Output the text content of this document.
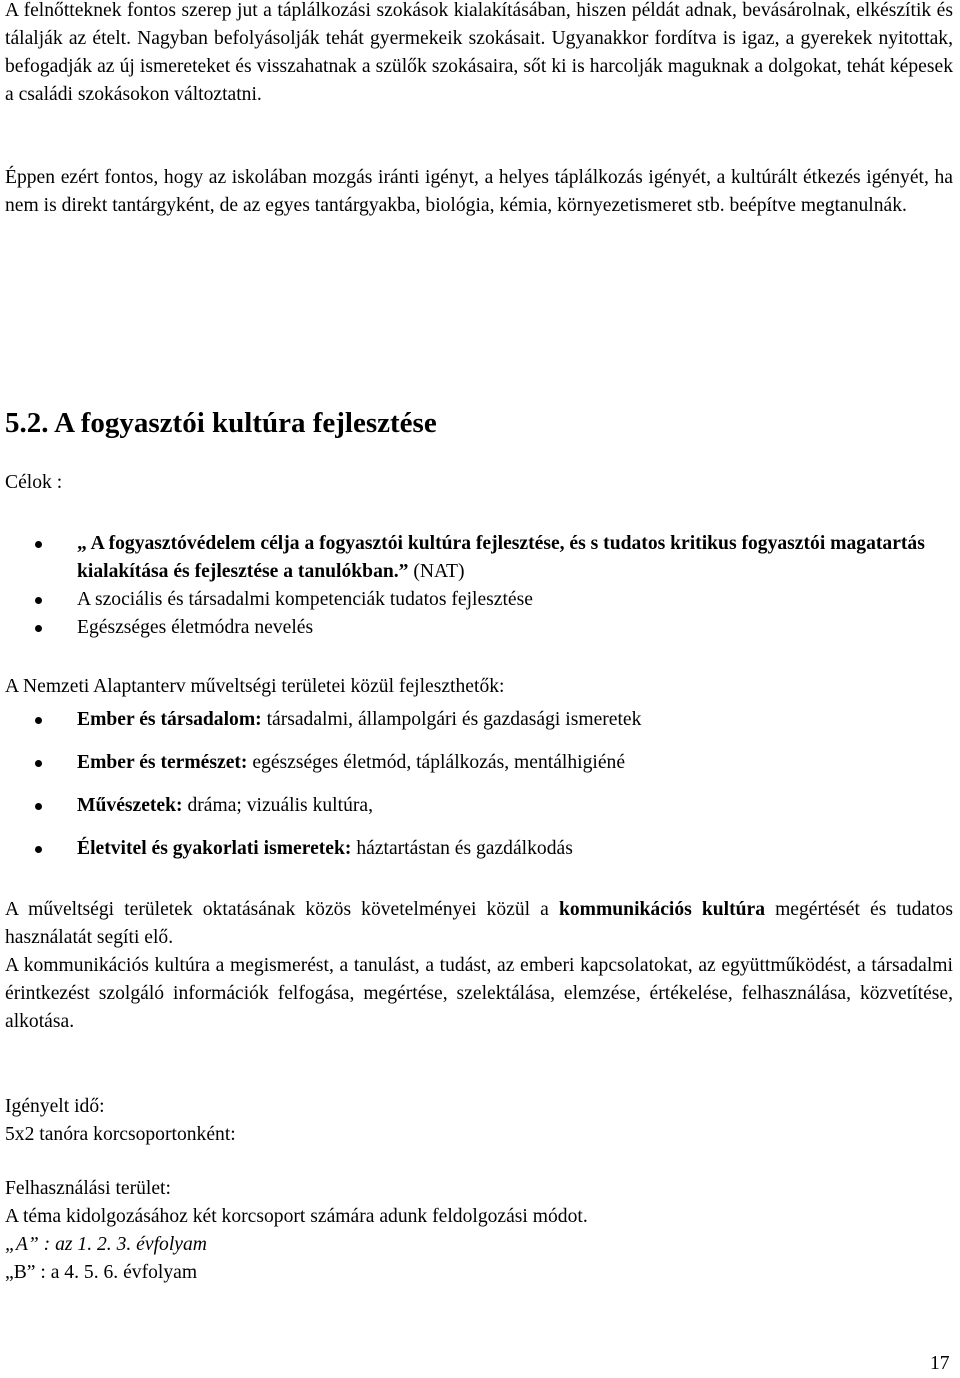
A felnőtteknek fontos szerep jut a táplálkozási szokások kialakításában, hiszen példát adnak, bevásárolnak, elkészítik és tálalják az ételt. Nagyban befolyásolják tehát gyermekeik szokásait. Ugyanakkor fordítva is igaz, a gyerekek nyitottak, befogadják az új ismereteket és visszahatnak a szülők szokásaira, sőt ki is harcolják maguknak a dolgokat, tehát képesek a családi szokásokon változtatni.

Éppen ezért fontos, hogy az iskolában mozgás iránti igényt, a helyes táplálkozás igényét, a kultúrált étkezés igényét, ha nem is direkt tantárgyként, de az egyes tantárgyakba, biológia, kémia, környezetismeret stb. beépítve megtanulnák.

5.2. A fogyasztói kultúra fejlesztése
Célok :
„ A fogyasztóvédelem célja a fogyasztói kultúra fejlesztése, és s tudatos kritikus fogyasztói magatartás kialakítása és fejlesztése a tanulókban.” (NAT)
A szociális és társadalmi kompetenciák tudatos fejlesztése
Egészséges életmódra nevelés
A Nemzeti Alaptanterv műveltségi területei közül fejleszthetők:
Ember és társadalom: társadalmi, állampolgári és gazdasági ismeretek
Ember és természet: egészséges életmód, táplálkozás, mentálhigiéné
Művészetek: dráma; vizuális kultúra,
Életvitel és gyakorlati ismeretek: háztartástan és gazdálkodás

A műveltségi területek oktatásának közös követelményei közül a kommunikációs kultúra megértését és tudatos használatát segíti elő.

A kommunikációs kultúra a megismerést, a tanulást, a tudást, az emberi kapcsolatokat, az együttműködést, a társadalmi érintkezést szolgáló információk felfogása, megértése, szelektálása, elemzése, értékelése, felhasználása, közvetítése, alkotása.

Igényelt idő:
5x2 tanóra korcsoportonként:
Felhasználási terület:
A téma kidolgozásához két korcsoport számára adunk feldolgozási módot.
„A” : az 1. 2. 3. évfolyam
„B” : a 4. 5. 6. évfolyam
17
